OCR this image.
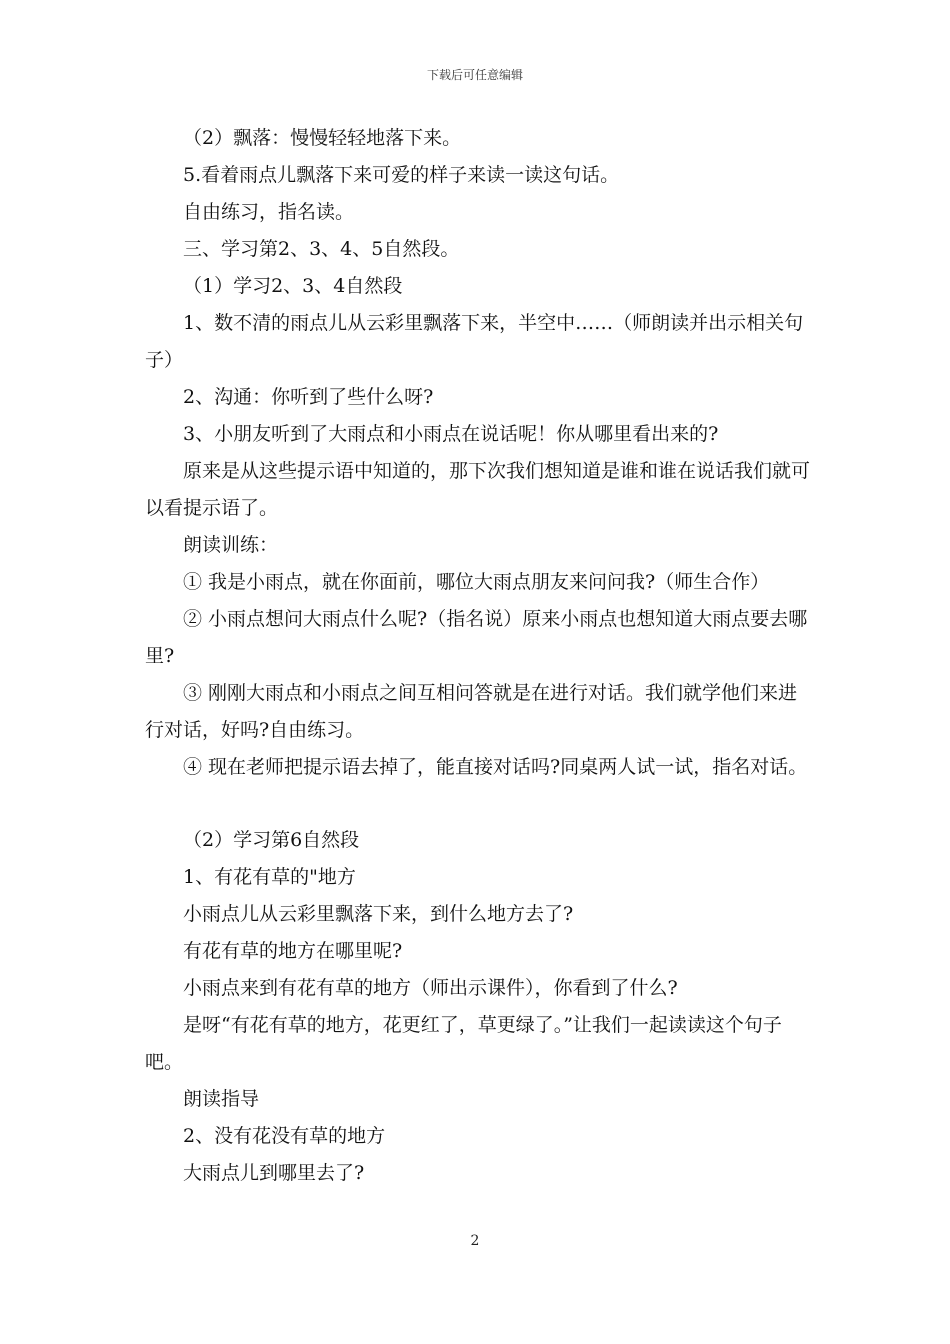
下载后可任意编辑

（2）飘落：慢慢轻轻地落下来。

5.看着雨点儿飘落下来可爱的样子来读一读这句话。

自由练习，指名读。

三、学习第2、3、4、5自然段。

（1）学习2、3、4自然段

1、数不清的雨点儿从云彩里飘落下来，半空中……（师朗读并出示相关句子）

2、沟通：你听到了些什么呀?

3、小朋友听到了大雨点和小雨点在说话呢！你从哪里看出来的?

原来是从这些提示语中知道的，那下次我们想知道是谁和谁在说话我们就可以看提示语了。

朗读训练：

① 我是小雨点，就在你面前，哪位大雨点朋友来问问我?（师生合作）

② 小雨点想问大雨点什么呢?（指名说）原来小雨点也想知道大雨点要去哪里?

③ 刚刚大雨点和小雨点之间互相问答就是在进行对话。我们就学他们来进行对话，好吗?自由练习。

④ 现在老师把提示语去掉了，能直接对话吗?同桌两人试一试，指名对话。

（2）学习第6自然段

1、有花有草的"地方

小雨点儿从云彩里飘落下来，到什么地方去了?

有花有草的地方在哪里呢?

小雨点来到有花有草的地方（师出示课件），你看到了什么?

是呀“有花有草的地方，花更红了，草更绿了。”让我们一起读读这个句子吧。

朗读指导

2、没有花没有草的地方

大雨点儿到哪里去了?

2
